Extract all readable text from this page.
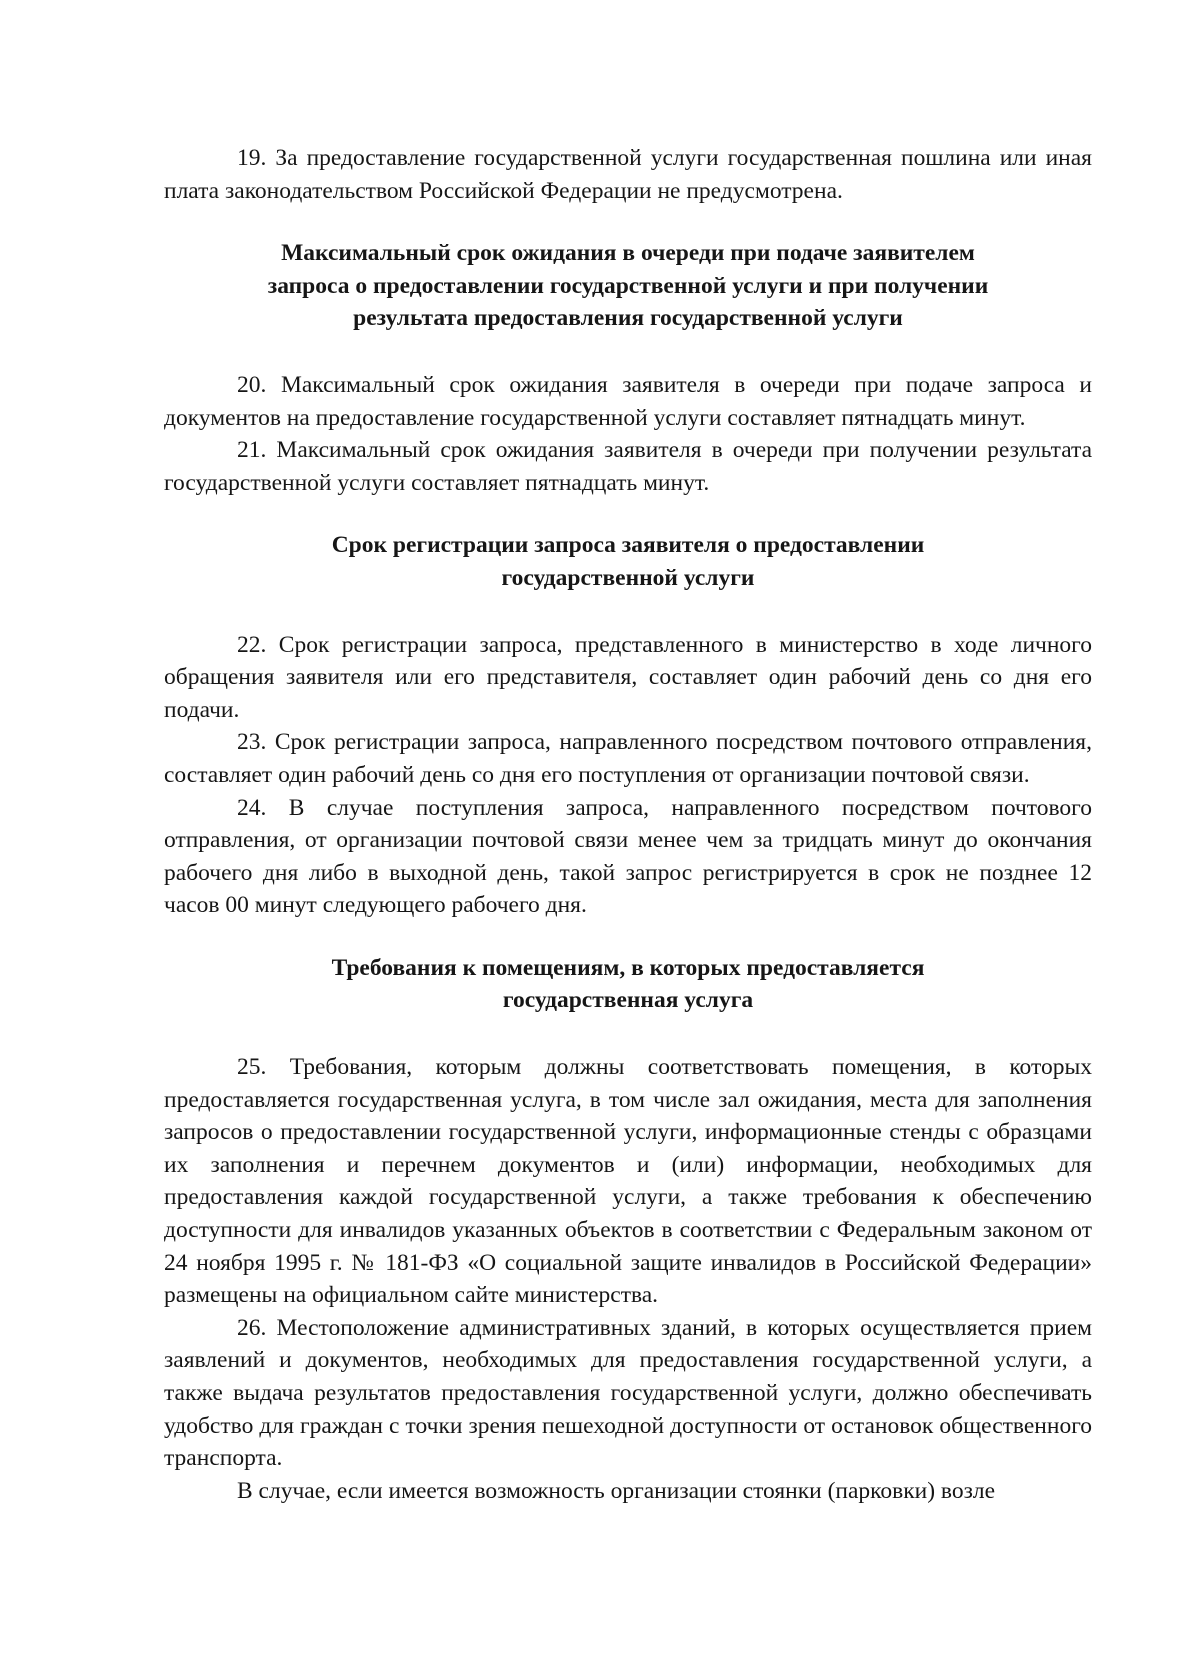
19. За предоставление государственной услуги государственная пошлина или иная плата законодательством Российской Федерации не предусмотрена.

Максимальный срок ожидания в очереди при подаче заявителем запроса о предоставлении государственной услуги и при получении результата предоставления государственной услуги

20. Максимальный срок ожидания заявителя в очереди при подаче запроса и документов на предоставление государственной услуги составляет пятнадцать минут.

21. Максимальный срок ожидания заявителя в очереди при получении результата государственной услуги составляет пятнадцать минут.

Срок регистрации запроса заявителя о предоставлении государственной услуги

22. Срок регистрации запроса, представленного в министерство в ходе личного обращения заявителя или его представителя, составляет один рабочий день со дня его подачи.

23. Срок регистрации запроса, направленного посредством почтового отправления, составляет один рабочий день со дня его поступления от организации почтовой связи.

24. В случае поступления запроса, направленного посредством почтового отправления, от организации почтовой связи менее чем за тридцать минут до окончания рабочего дня либо в выходной день, такой запрос регистрируется в срок не позднее 12 часов 00 минут следующего рабочего дня.

Требования к помещениям, в которых предоставляется государственная услуга

25. Требования, которым должны соответствовать помещения, в которых предоставляется государственная услуга, в том числе зал ожидания, места для заполнения запросов о предоставлении государственной услуги, информационные стенды с образцами их заполнения и перечнем документов и (или) информации, необходимых для предоставления каждой государственной услуги, а также требования к обеспечению доступности для инвалидов указанных объектов в соответствии с Федеральным законом от 24 ноября 1995 г. № 181-ФЗ «О социальной защите инвалидов в Российской Федерации» размещены на официальном сайте министерства.

26. Местоположение административных зданий, в которых осуществляется прием заявлений и документов, необходимых для предоставления государственной услуги, а также выдача результатов предоставления государственной услуги, должно обеспечивать удобство для граждан с точки зрения пешеходной доступности от остановок общественного транспорта.

В случае, если имеется возможность организации стоянки (парковки) возле
